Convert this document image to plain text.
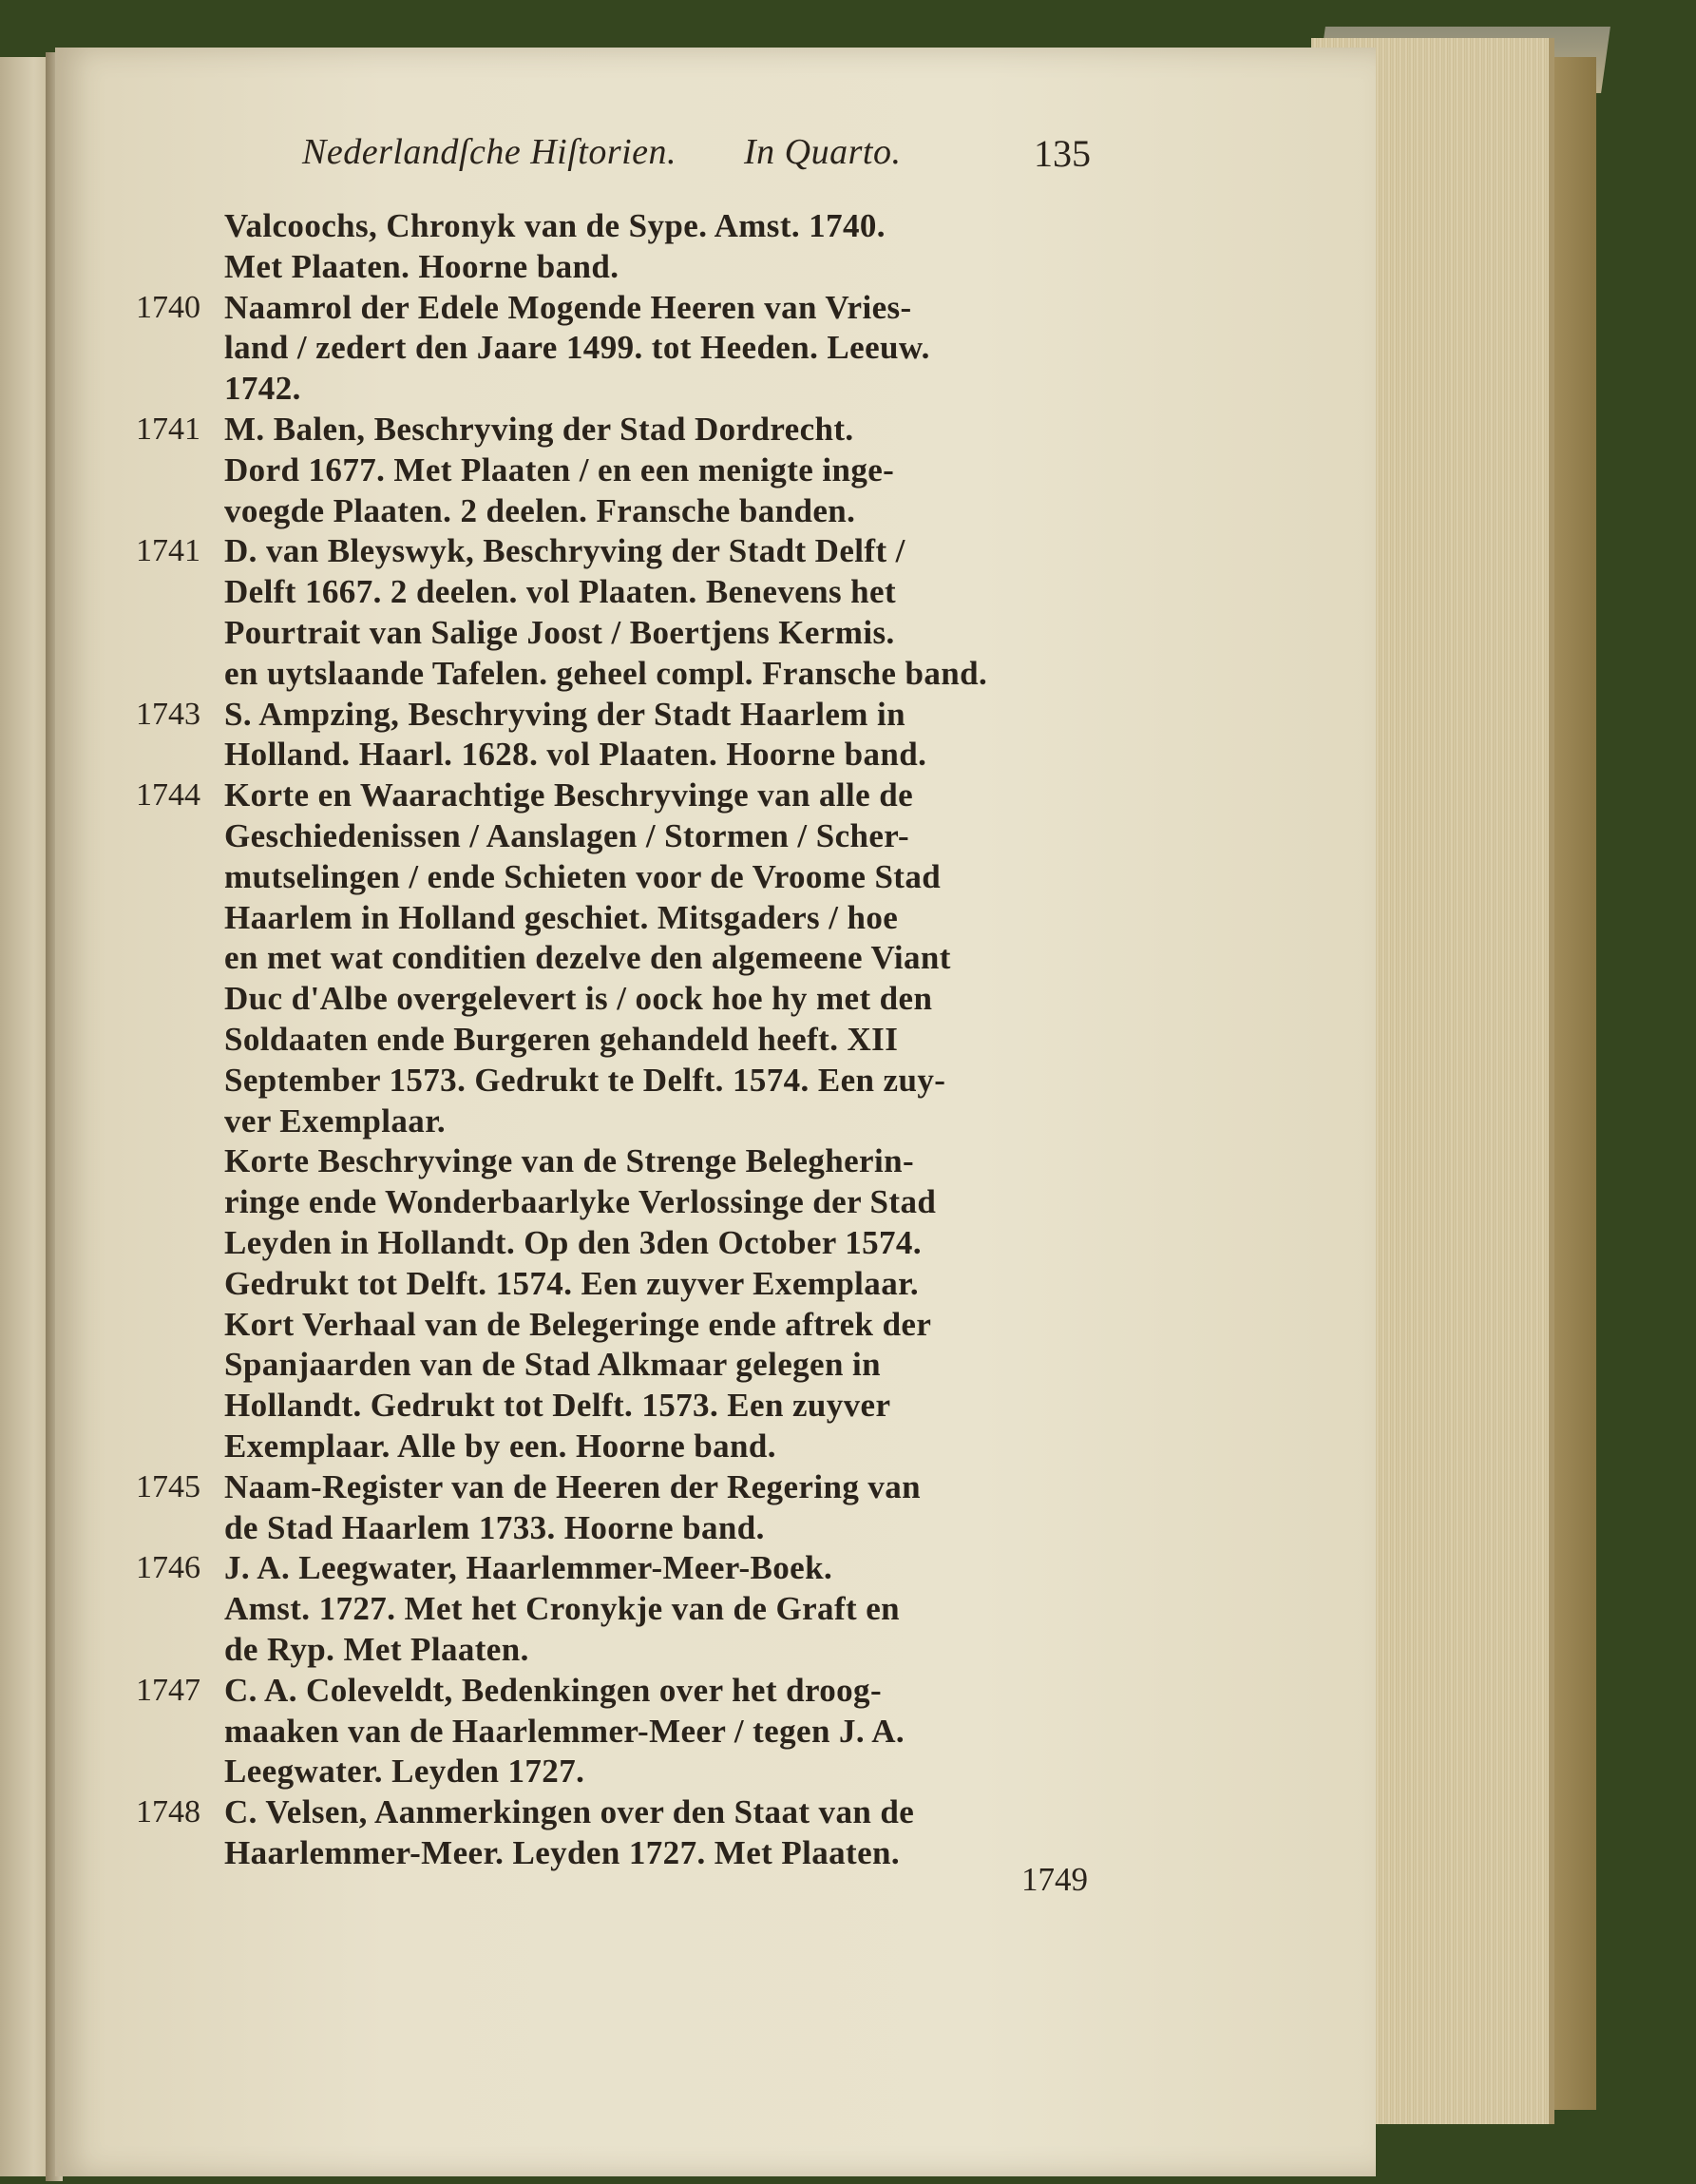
Nederlandſche Hiſtorien. In Quarto.	135
Valcoochs, Chronyk van de Sype. Amst. 1740.
Met Plaaten. Hoorne band.
1740 Naamrol der Edele Mogende Heeren van Vries-
land / zedert den Jaare 1499. tot Heeden. Leeuw.
1742.
1741 M. Balen, Beschryving der Stad Dordrecht.
Dord 1677. Met Plaaten / en een menigte inge-
voegde Plaaten. 2 deelen. Fransche banden.
1741 D. van Bleyswyk, Beschryving der Stadt Delft /
Delft 1667. 2 deelen. vol Plaaten. Benevens het
Pourtrait van Salige Joost / Boertjens Kermis.
en uytslaande Tafelen. geheel compl. Fransche band.
1743 S. Ampzing, Beschryving der Stadt Haarlem in
Holland. Haarl. 1628. vol Plaaten. Hoorne band.
1744 Korte en Waarachtige Beschryvinge van alle de
Geschiedenissen / Aanslagen / Stormen / Scher-
mutselingen / ende Schieten voor de Vroome Stad
Haarlem in Holland geschiet. Mitsgaders / hoe
en met wat conditien dezelve den algemeene Viant
Duc d'Albe overgelevert is / oock hoe hy met den
Soldaaten ende Burgeren gehandeld heeft. XII
September 1573. Gedrukt te Delft. 1574. Een zuy-
ver Exemplaar.
Korte Beschryvinge van de Strenge Belegherin-
ringe ende Wonderbaarlyke Verlossinge der Stad
Leyden in Hollandt. Op den 3den October 1574.
Gedrukt tot Delft. 1574. Een zuyver Exemplaar.
Kort Verhaal van de Belegeringe ende aftrek der
Spanjaarden van de Stad Alkmaar gelegen in
Hollandt. Gedrukt tot Delft. 1573. Een zuyver
Exemplaar. Alle by een. Hoorne band.
1745 Naam-Register van de Heeren der Regering van
de Stad Haarlem 1733. Hoorne band.
1746 J. A. Leegwater, Haarlemmer-Meer-Boek.
Amst. 1727. Met het Cronykje van de Graft en
de Ryp. Met Plaaten.
1747 C. A. Coleveldt, Bedenkingen over het droog-
maaken van de Haarlemmer-Meer / tegen J. A.
Leegwater. Leyden 1727.
1748 C. Velsen, Aanmerkingen over den Staat van de
Haarlemmer-Meer. Leyden 1727. Met Plaaten.
1749
